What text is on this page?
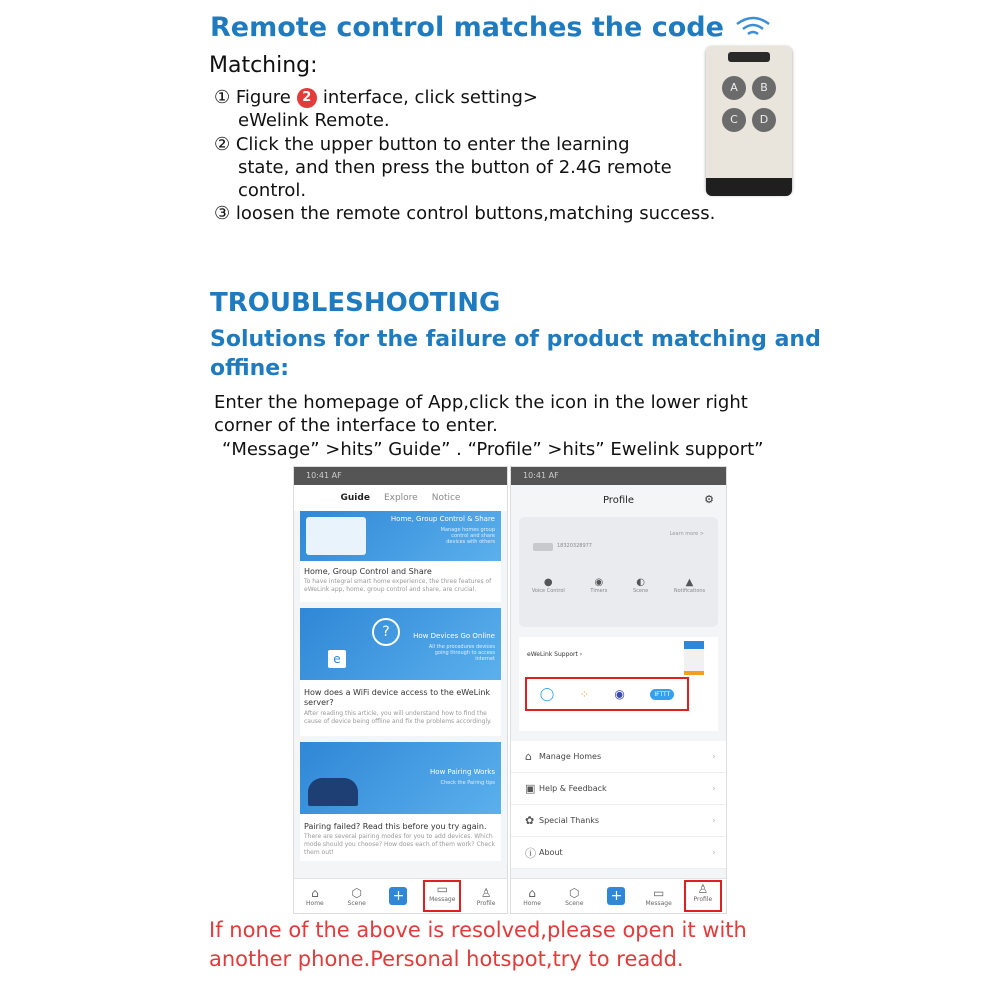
Remote control matches the code
Matching:
① Figure 2 interface, click setting>
eWelink Remote.
② Click the upper button to enter the learning
state, and then press the button of 2.4G remote
control.
③ loosen the remote control buttons,matching success.
A	B
C	D
TROUBLESHOOTING
Solutions for the failure of product matching and
offine:
Enter the homepage of App,click the icon in the lower right
corner of the interface to enter.
“Message” >hits” Guide” . “Profile” >hits” Ewelink support”
10:41 AF
Guide Explore Notice
Home, Group Control & Share
Manage homes group control and share devices with others
Home, Group Control and Share
To have integral smart home experience, the three features of eWeLink app, home, group control and share, are crucial.
e
?	How Devices Go Online
All the procedures devices going through to access internet
How does a WiFi device access to the eWeLink server?
After reading this article, you will understand how to find the cause of device being offline and fix the problems accordingly.
How Pairing Works
Check the Pairing tips
Pairing failed? Read this before you try again.
There are several pairing modes for you to add devices. Which mode should you choose? How does each of them work? Check them out!
⌂
Home
⬡
Scene	+	▭
Message	♙
Profile
10:41 AF
Profile	⚙
Learn more >
18320328977
●
Voice Control
◉
Timers
◐
Scene
▲
Notifications
eWeLink Support ›
◯ ⁘ ◉	IFTTT
⌂ Manage Homes	›
▣ Help & Feedback	›
✿ Special Thanks	›
ⓘ About	›
⌂
Home
⬡
Scene	+	▭
Message
♙
Profile
If none of the above is resolved,please open it with
another phone.Personal hotspot,try to readd.
